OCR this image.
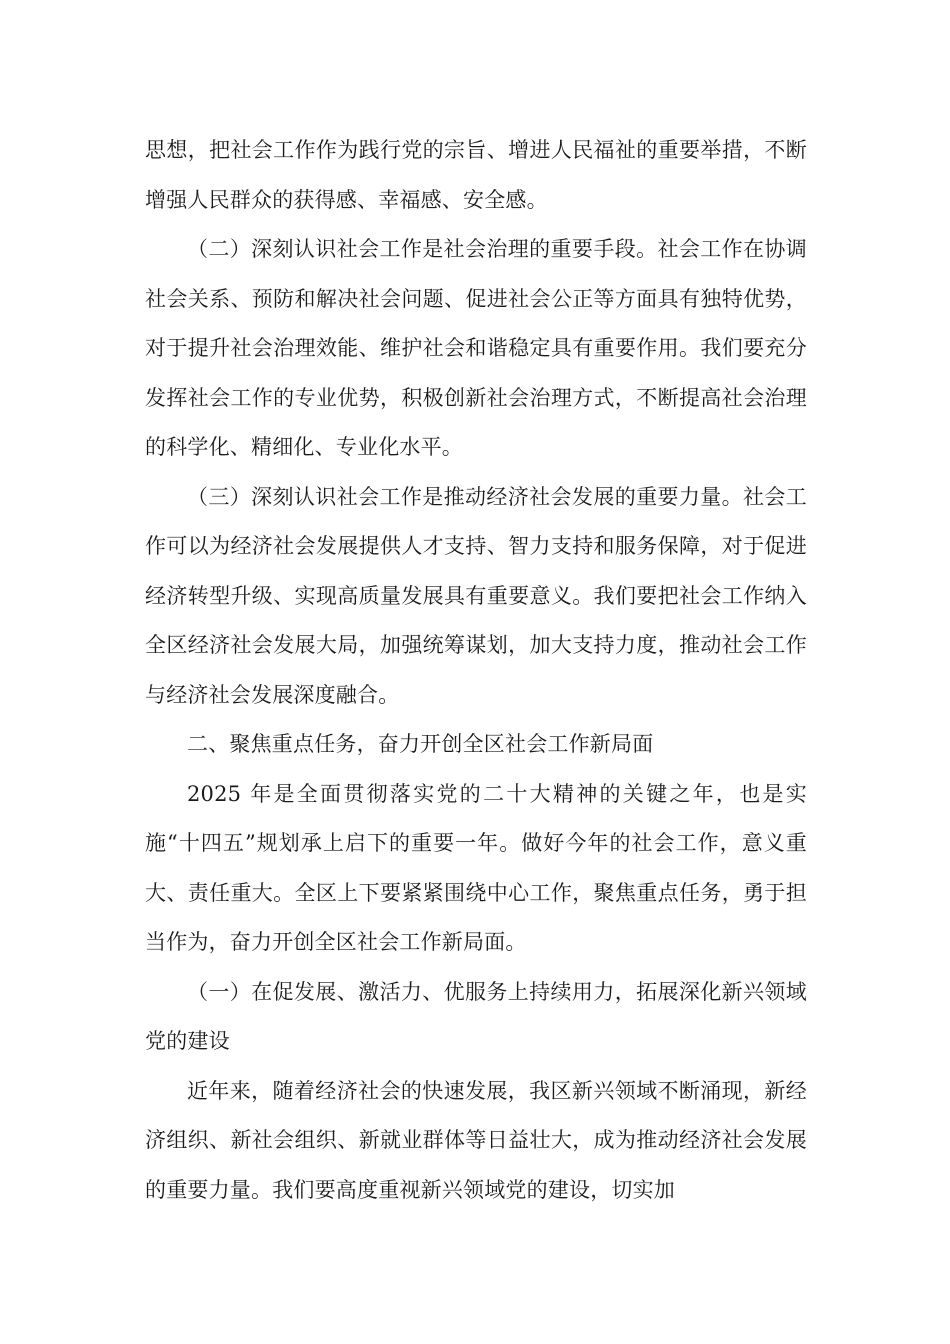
思想，把社会工作作为践行党的宗旨、增进人民福祉的重要举措，不断增强人民群众的获得感、幸福感、安全感。

（二）深刻认识社会工作是社会治理的重要手段。社会工作在协调社会关系、预防和解决社会问题、促进社会公正等方面具有独特优势，对于提升社会治理效能、维护社会和谐稳定具有重要作用。我们要充分发挥社会工作的专业优势，积极创新社会治理方式，不断提高社会治理的科学化、精细化、专业化水平。

（三）深刻认识社会工作是推动经济社会发展的重要力量。社会工作可以为经济社会发展提供人才支持、智力支持和服务保障，对于促进经济转型升级、实现高质量发展具有重要意义。我们要把社会工作纳入全区经济社会发展大局，加强统筹谋划，加大支持力度，推动社会工作与经济社会发展深度融合。

二、聚焦重点任务，奋力开创全区社会工作新局面

2025 年是全面贯彻落实党的二十大精神的关键之年，也是实施“十四五”规划承上启下的重要一年。做好今年的社会工作，意义重大、责任重大。全区上下要紧紧围绕中心工作，聚焦重点任务，勇于担当作为，奋力开创全区社会工作新局面。

（一）在促发展、激活力、优服务上持续用力，拓展深化新兴领域党的建设

近年来，随着经济社会的快速发展，我区新兴领域不断涌现，新经济组织、新社会组织、新就业群体等日益壮大，成为推动经济社会发展的重要力量。我们要高度重视新兴领域党的建设，切实加
